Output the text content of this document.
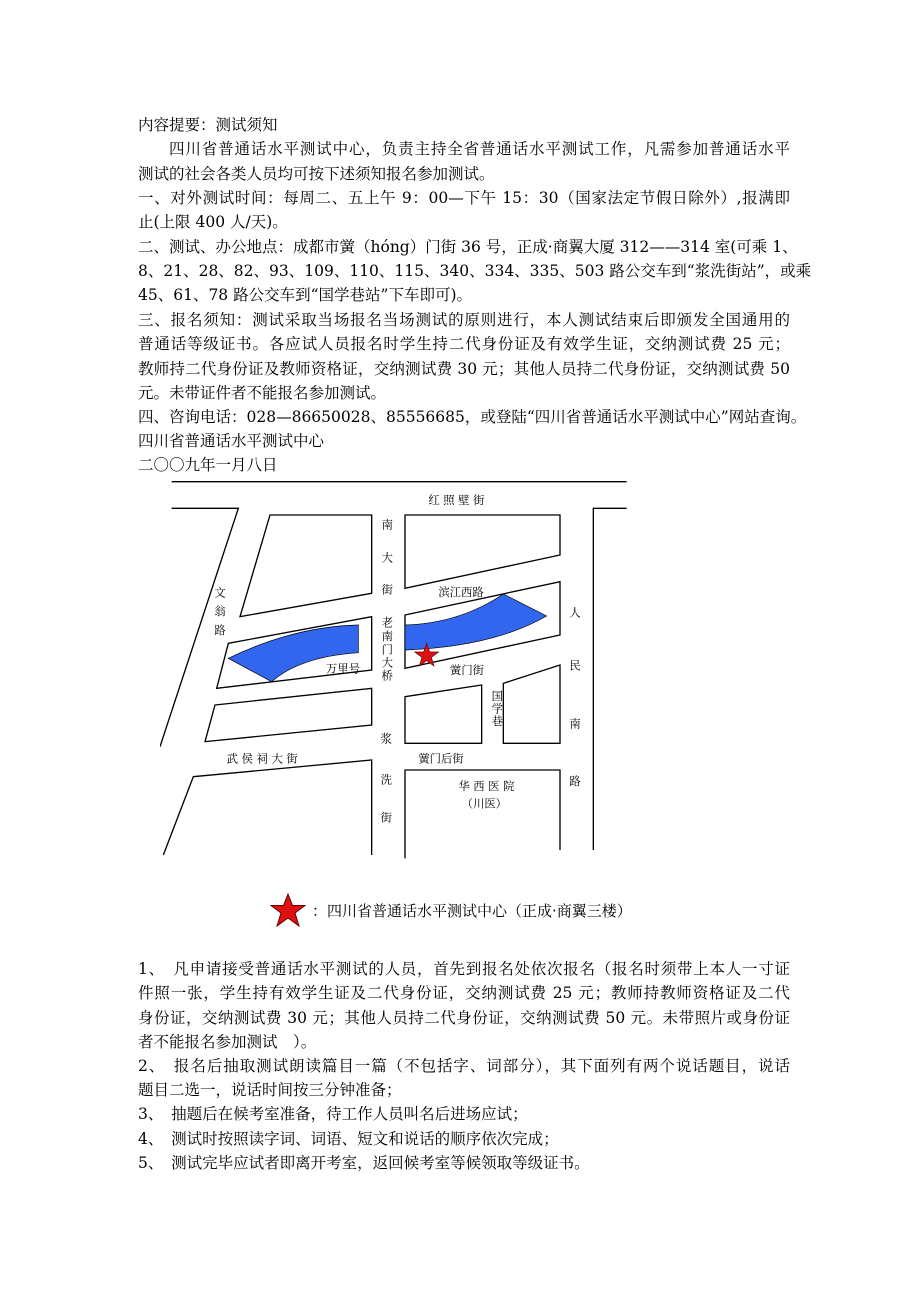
内容提要：测试须知
四川省普通话水平测试中心，负责主持全省普通话水平测试工作，凡需参加普通话水平
测试的社会各类人员均可按下述须知报名参加测试。
一、对外测试时间：每周二、五上午 9：00—下午 15：30（国家法定节假日除外）,报满即
止(上限 400 人/天)。
二、测试、办公地点：成都市黉（hóng）门街 36 号，正成·商翼大厦 312——314 室(可乘 1、
8、21、28、82、93、109、110、115、340、334、335、503 路公交车到“浆洗街站”，或乘
45、61、78 路公交车到“国学巷站”下车即可)。
三、报名须知：测试采取当场报名当场测试的原则进行，本人测试结束后即颁发全国通用的
普通话等级证书。各应试人员报名时学生持二代身份证及有效学生证，交纳测试费 25 元；
教师持二代身份证及教师资格证，交纳测试费 30 元；其他人员持二代身份证，交纳测试费 50
元。未带证件者不能报名参加测试。
四、咨询电话：028—86650028、85556685，或登陆“四川省普通话水平测试中心”网站查询。
四川省普通话水平测试中心
二〇〇九年一月八日
红 照 壁 街
南
大
街
文
翁
路
滨江西路
老
南
门
大
桥
万里号
人
民
南
路
黉门街
国
学
巷
浆
洗
街
武 侯 祠 大 街	黉门后街
华 西 医 院
（川医）
：四川省普通话水平测试中心（正成·商翼三楼）
1、　凡申请接受普通话水平测试的人员，首先到报名处依次报名（报名时须带上本人一寸证
件照一张，学生持有效学生证及二代身份证，交纳测试费 25 元；教师持教师资格证及二代
身份证，交纳测试费 30 元；其他人员持二代身份证，交纳测试费 50 元。未带照片或身份证
者不能报名参加测试　）。
2、　报名后抽取测试朗读篇目一篇（不包括字、词部分），其下面列有两个说话题目，说话
题目二选一，说话时间按三分钟准备；
3、　抽题后在候考室准备，待工作人员叫名后进场应试；
4、　测试时按照读字词、词语、短文和说话的顺序依次完成；
5、　测试完毕应试者即离开考室，返回候考室等候领取等级证书。
